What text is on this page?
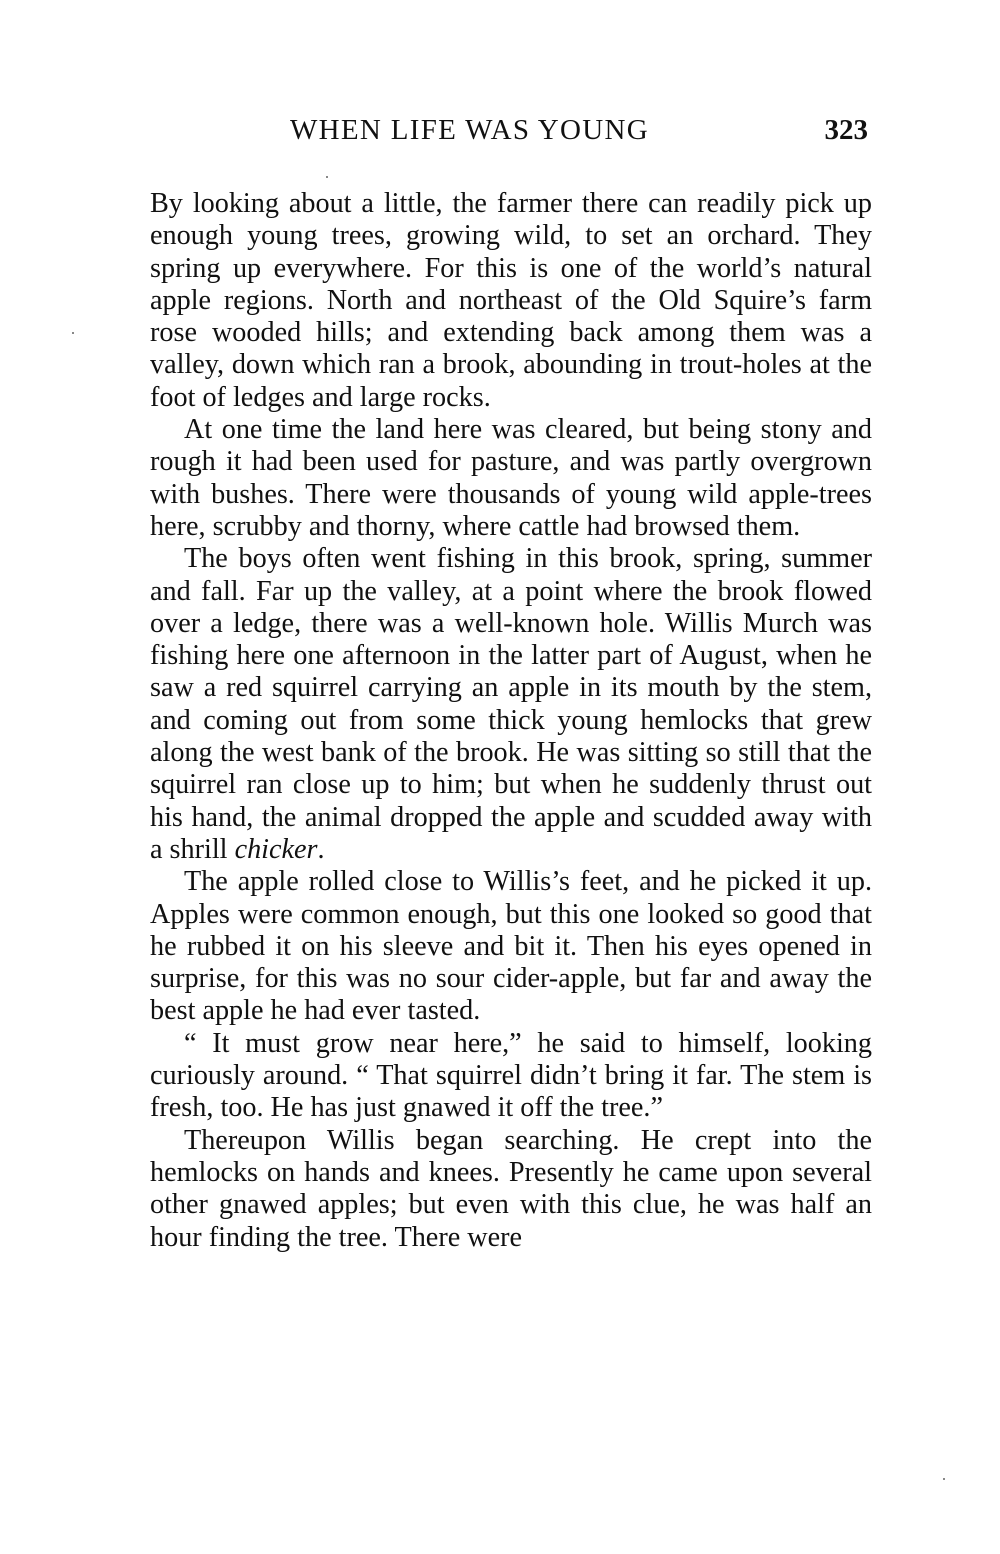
WHEN LIFE WAS YOUNG	323

By looking about a little, the farmer there can readily pick up enough young trees, growing wild, to set an orchard. They spring up everywhere. For this is one of the world’s natural apple regions. North and northeast of the Old Squire’s farm rose wooded hills; and extending back among them was a valley, down which ran a brook, abounding in trout-holes at the foot of ledges and large rocks.

At one time the land here was cleared, but being stony and rough it had been used for pasture, and was partly overgrown with bushes. There were thousands of young wild apple-trees here, scrubby and thorny, where cattle had browsed them.

The boys often went fishing in this brook, spring, summer and fall. Far up the valley, at a point where the brook flowed over a ledge, there was a well-known hole. Willis Murch was fishing here one afternoon in the latter part of August, when he saw a red squirrel carrying an apple in its mouth by the stem, and coming out from some thick young hemlocks that grew along the west bank of the brook. He was sitting so still that the squirrel ran close up to him; but when he suddenly thrust out his hand, the animal dropped the apple and scudded away with a shrill chicker.

The apple rolled close to Willis’s feet, and he picked it up. Apples were common enough, but this one looked so good that he rubbed it on his sleeve and bit it. Then his eyes opened in surprise, for this was no sour cider-apple, but far and away the best apple he had ever tasted.

“ It must grow near here,” he said to himself, looking curiously around. “ That squirrel didn’t bring it far. The stem is fresh, too. He has just gnawed it off the tree.”

Thereupon Willis began searching. He crept into the hemlocks on hands and knees. Presently he came upon several other gnawed apples; but even with this clue, he was half an hour finding the tree. There were
